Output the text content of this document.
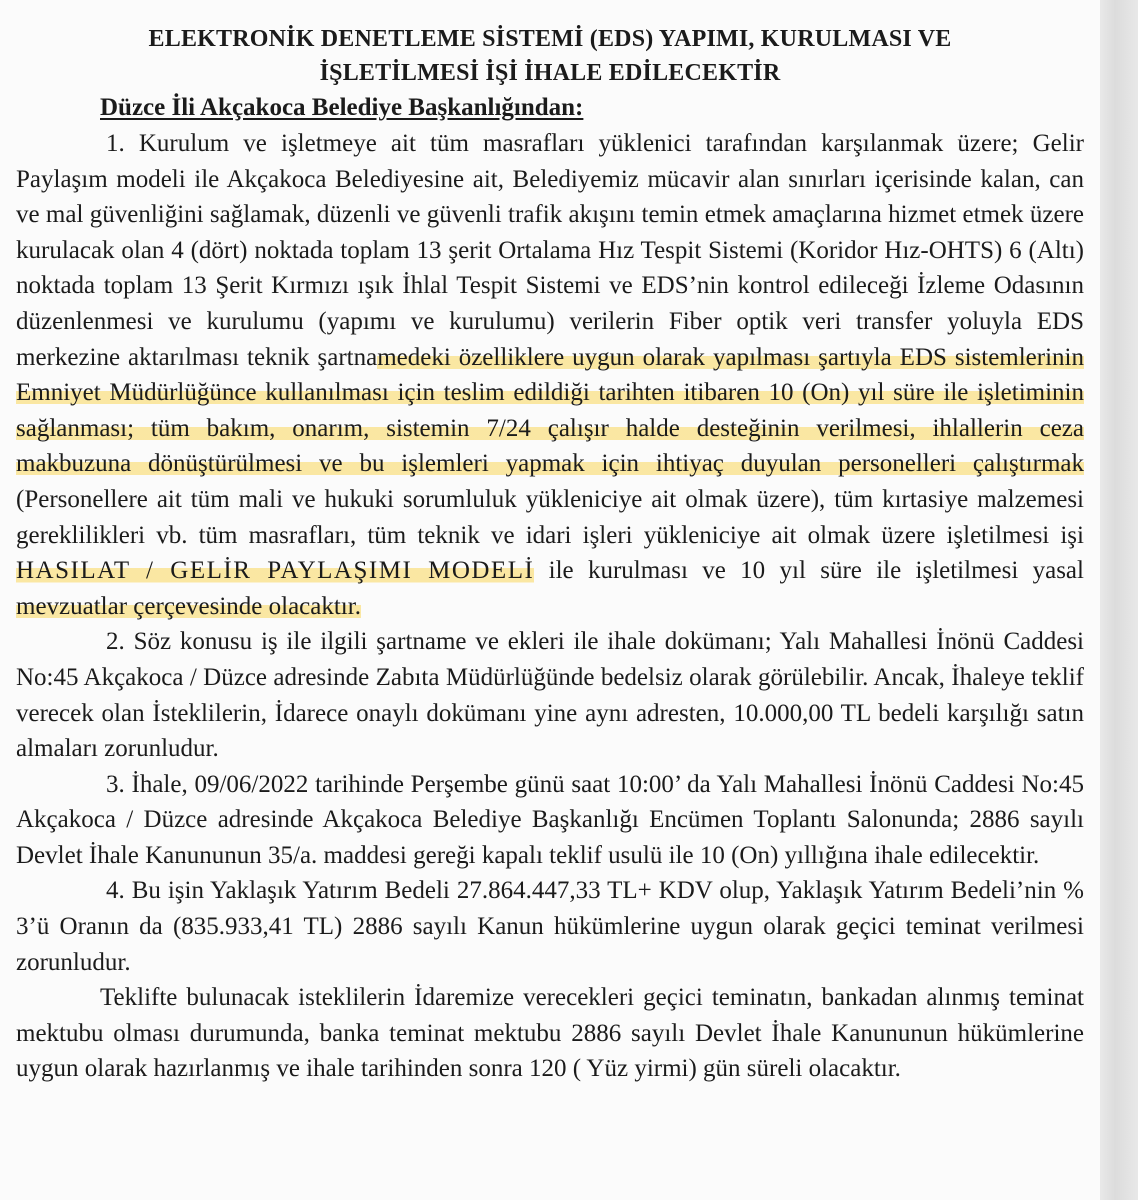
ELEKTRONİK DENETLEME SİSTEMİ (EDS) YAPIMI, KURULMASI VE
İŞLETİLMESİ İŞİ İHALE EDİLECEKTİR
Düzce İli Akçakoca Belediye Başkanlığından:

1. Kurulum ve işletmeye ait tüm masrafları yüklenici tarafından karşılanmak üzere; Gelir Paylaşım modeli ile Akçakoca Belediyesine ait, Belediyemiz mücavir alan sınırları içerisinde kalan, can ve mal güvenliğini sağlamak, düzenli ve güvenli trafik akışını temin etmek amaçlarına hizmet etmek üzere kurulacak olan 4 (dört) noktada toplam 13 şerit Ortalama Hız Tespit Sistemi (Koridor Hız-OHTS) 6 (Altı) noktada toplam 13 Şerit Kırmızı ışık İhlal Tespit Sistemi ve EDS’nin kontrol edileceği İzleme Odasının düzenlenmesi ve kurulumu (yapımı ve kurulumu) verilerin Fiber optik veri transfer yoluyla EDS merkezine aktarılması teknik şartnamedeki özelliklere uygun olarak yapılması şartıyla EDS sistemlerinin Emniyet Müdürlüğünce kullanılması için teslim edildiği tarihten itibaren 10 (On) yıl süre ile işletiminin sağlanması; tüm bakım, onarım, sistemin 7/24 çalışır halde desteğinin verilmesi, ihlallerin ceza makbuzuna dönüştürülmesi ve bu işlemleri yapmak için ihtiyaç duyulan personelleri çalıştırmak (Personellere ait tüm mali ve hukuki sorumluluk yükleniciye ait olmak üzere), tüm kırtasiye malzemesi gereklilikleri vb. tüm masrafları, tüm teknik ve idari işleri yükleniciye ait olmak üzere işletilmesi işi HASILAT / GELİR PAYLAŞIMI MODELİ ile kurulması ve 10 yıl süre ile işletilmesi yasal mevzuatlar çerçevesinde olacaktır.

2. Söz konusu iş ile ilgili şartname ve ekleri ile ihale dokümanı; Yalı Mahallesi İnönü Caddesi No:45 Akçakoca / Düzce adresinde Zabıta Müdürlüğünde bedelsiz olarak görülebilir. Ancak, İhaleye teklif verecek olan İsteklilerin, İdarece onaylı dokümanı yine aynı adresten, 10.000,00 TL bedeli karşılığı satın almaları zorunludur.

3. İhale, 09/06/2022 tarihinde Perşembe günü saat 10:00’ da Yalı Mahallesi İnönü Caddesi No:45 Akçakoca / Düzce adresinde Akçakoca Belediye Başkanlığı Encümen Toplantı Salonunda; 2886 sayılı Devlet İhale Kanununun 35/a. maddesi gereği kapalı teklif usulü ile 10 (On) yıllığına ihale edilecektir.

4. Bu işin Yaklaşık Yatırım Bedeli 27.864.447,33 TL+ KDV olup, Yaklaşık Yatırım Bedeli’nin % 3’ü Oranın da (835.933,41 TL) 2886 sayılı Kanun hükümlerine uygun olarak geçici teminat verilmesi zorunludur.

Teklifte bulunacak isteklilerin İdaremize verecekleri geçici teminatın, bankadan alınmış teminat mektubu olması durumunda, banka teminat mektubu 2886 sayılı Devlet İhale Kanununun hükümlerine uygun olarak hazırlanmış ve ihale tarihinden sonra 120 ( Yüz yirmi) gün süreli olacaktır.
